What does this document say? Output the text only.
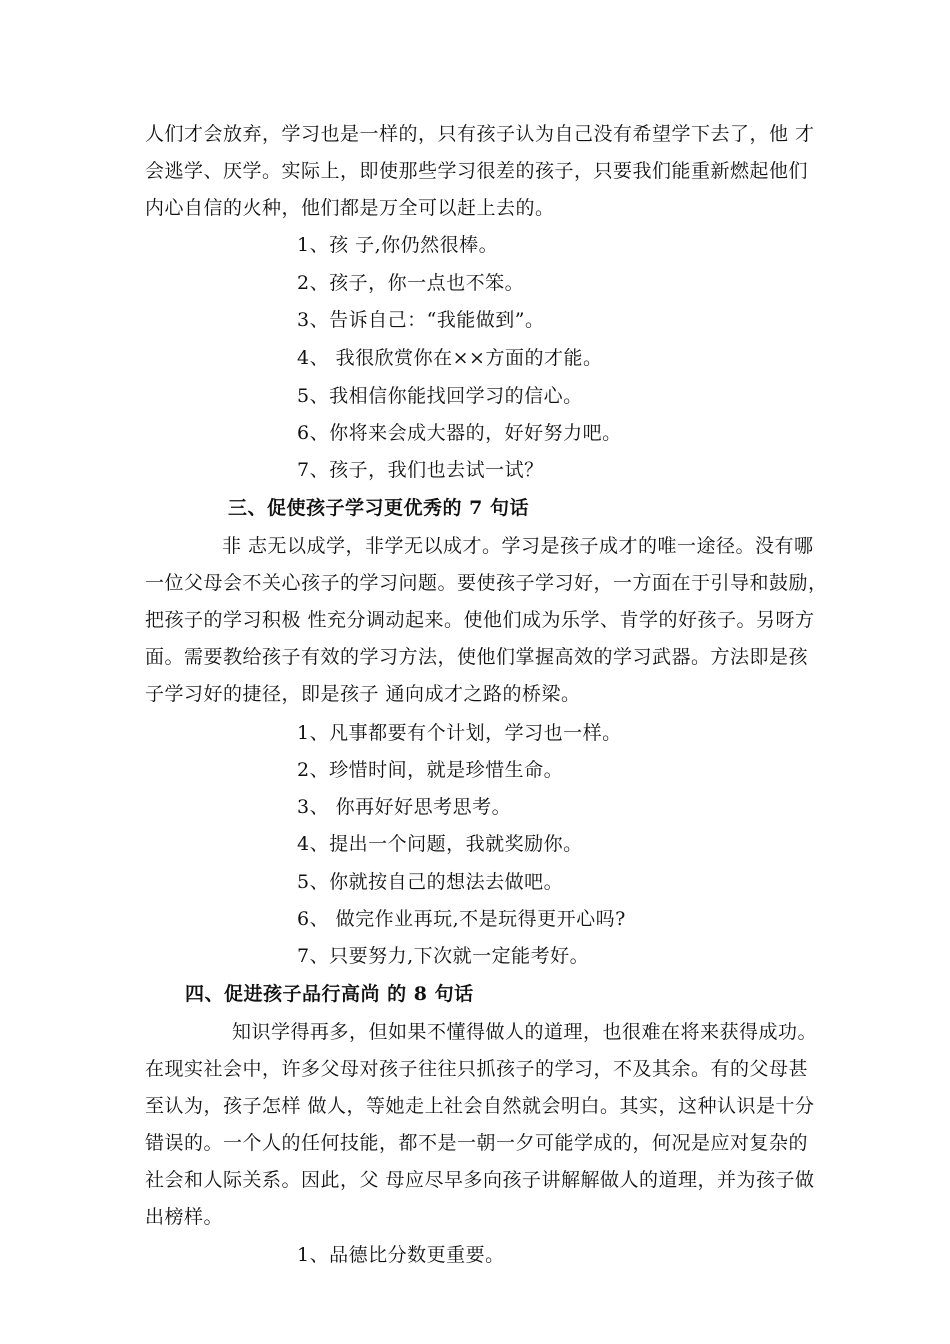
人们才会放弃，学习也是一样的，只有孩子认为自己没有希望学下去了，他 才
会逃学、厌学。实际上，即使那些学习很差的孩子，只要我们能重新燃起他们
内心自信的火种，他们都是万全可以赶上去的。
1、孩 子,你仍然很棒。
2、孩子，你一点也不笨。
3、告诉自己：“我能做到”。
4、 我很欣赏你在××方面的才能。
5、我相信你能找回学习的信心。
6、你将来会成大器的，好好努力吧。
7、孩子，我们也去试一试？
三、促使孩子学习更优秀的 7 句话
非 志无以成学，非学无以成才。学习是孩子成才的唯一途径。没有哪
一位父母会不关心孩子的学习问题。要使孩子学习好，一方面在于引导和鼓励，
把孩子的学习积极 性充分调动起来。使他们成为乐学、肯学的好孩子。另呀方
面。需要教给孩子有效的学习方法，使他们掌握高效的学习武器。方法即是孩
子学习好的捷径，即是孩子 通向成才之路的桥梁。
1、凡事都要有个计划，学习也一样。
2、珍惜时间，就是珍惜生命。
3、 你再好好思考思考。
4、提出一个问题，我就奖励你。
5、你就按自己的想法去做吧。
6、 做完作业再玩,不是玩得更开心吗?
7、只要努力,下次就一定能考好。
四、促进孩子品行高尚 的 8 句话
知识学得再多，但如果不懂得做人的道理，也很难在将来获得成功。
在现实社会中，许多父母对孩子往往只抓孩子的学习，不及其余。有的父母甚
至认为，孩子怎样 做人，等她走上社会自然就会明白。其实，这种认识是十分
错误的。一个人的任何技能，都不是一朝一夕可能学成的，何况是应对复杂的
社会和人际关系。因此，父 母应尽早多向孩子讲解解做人的道理，并为孩子做
出榜样。
1、品德比分数更重要。
